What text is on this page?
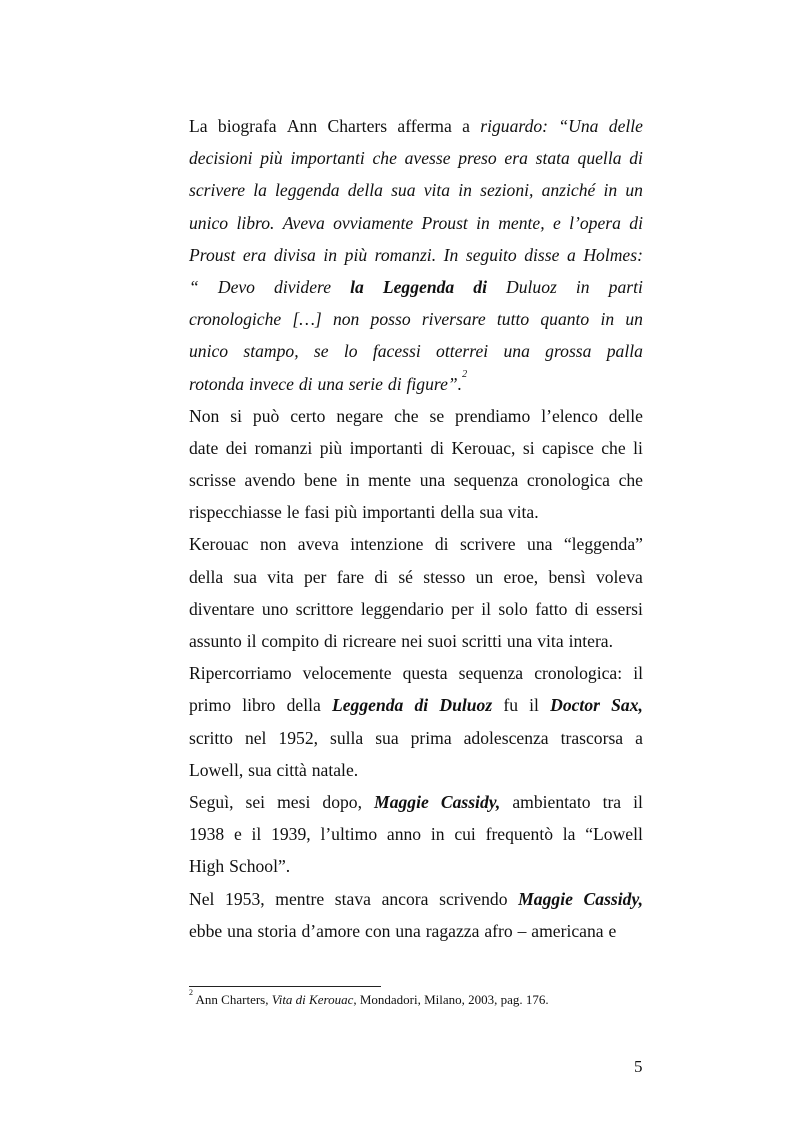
La biografa Ann Charters afferma a riguardo: “Una delle
decisioni più importanti che avesse preso era stata quella di
scrivere la leggenda della sua vita in sezioni, anziché in un
unico libro. Aveva ovviamente Proust in mente, e l’opera di
Proust era divisa in più romanzi. In seguito disse a Holmes:
“ Devo dividere la Leggenda di Duluoz in parti
cronologiche […] non posso riversare tutto quanto in un
unico stampo, se lo facessi otterrei una grossa palla
rotonda invece di una serie di figure”.$^2$
Non si può certo negare che se prendiamo l’elenco delle
date dei romanzi più importanti di Kerouac, si capisce che li
scrisse avendo bene in mente una sequenza cronologica che
rispecchiasse le fasi più importanti della sua vita.
Kerouac non aveva intenzione di scrivere una “leggenda”
della sua vita per fare di sé stesso un eroe, bensì voleva
diventare uno scrittore leggendario per il solo fatto di essersi
assunto il compito di ricreare nei suoi scritti una vita intera.
Ripercorriamo velocemente questa sequenza cronologica: il
primo libro della Leggenda di Duluoz fu il Doctor Sax,
scritto nel 1952, sulla sua prima adolescenza trascorsa a
Lowell, sua città natale.
Seguì, sei mesi dopo, Maggie Cassidy, ambientato tra il
1938 e il 1939, l’ultimo anno in cui frequentò la “Lowell
High School”.
Nel 1953, mentre stava ancora scrivendo Maggie Cassidy,
ebbe una storia d’amore con una ragazza afro – americana e
$^2$ Ann Charters, Vita di Kerouac, Mondadori, Milano, 2003, pag. 176.
5
